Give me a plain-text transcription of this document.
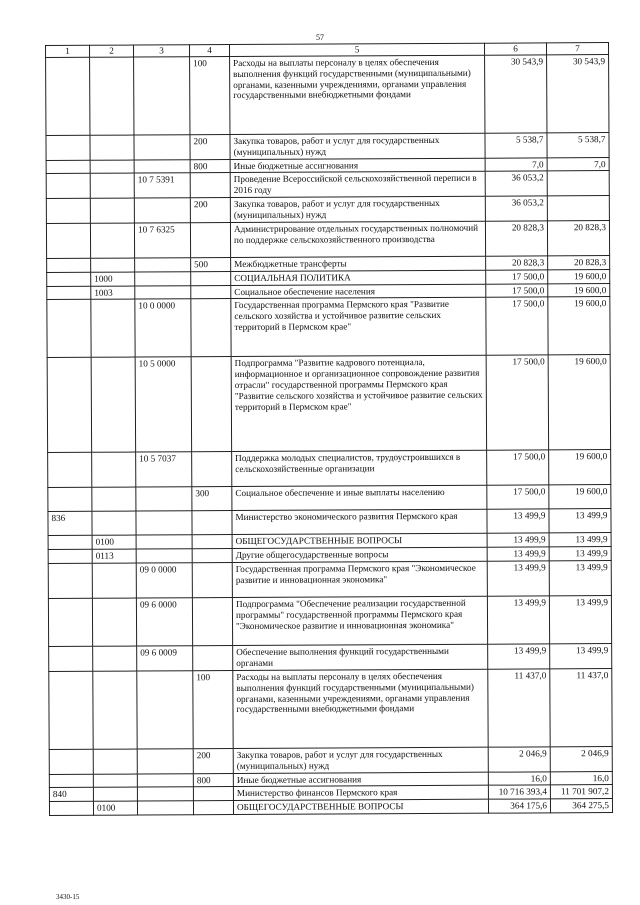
57
1	2	3	4	5	6	7
			100	Расходы на выплаты персоналу в целях обеспечения выполнения функций государственными (муниципальными) органами, казенными учреждениями, органами управления государственными внебюджетными фондами	30 543,9	30 543,9
			200	Закупка товаров, работ и услуг для государственных (муниципальных) нужд	5 538,7	5 538,7
			800	Иные бюджетные ассигнования	7,0	7,0
		10 7 5391		Проведение Всероссийской сельскохозяйственной переписи в 2016 году	36 053,2	
			200	Закупка товаров, работ и услуг для государственных (муниципальных) нужд	36 053,2	
		10 7 6325		Администрирование отдельных государственных полномочий по поддержке сельскохозяйственного производства	20 828,3	20 828,3
			500	Межбюджетные трансферты	20 828,3	20 828,3
	1000			СОЦИАЛЬНАЯ ПОЛИТИКА	17 500,0	19 600,0
	1003			Социальное обеспечение населения	17 500,0	19 600,0
		10 0 0000		Государственная программа Пермского края "Развитие сельского хозяйства и устойчивое развитие сельских территорий в Пермском крае"	17 500,0	19 600,0
		10 5 0000		Подпрограмма "Развитие кадрового потенциала, информационное и организационное сопровождение развития отрасли" государственной программы Пермского края "Развитие сельского хозяйства и устойчивое развитие сельских территорий в Пермском крае"	17 500,0	19 600,0
		10 5 7037		Поддержка молодых специалистов, трудоустроившихся в сельскохозяйственные организации	17 500,0	19 600,0
			300	Социальное обеспечение и иные выплаты населению	17 500,0	19 600,0
836				Министерство экономического развития Пермского края	13 499,9	13 499,9
	0100			ОБЩЕГОСУДАРСТВЕННЫЕ ВОПРОСЫ	13 499,9	13 499,9
	0113			Другие общегосударственные вопросы	13 499,9	13 499,9
		09 0 0000		Государственная программа Пермского края "Экономическое развитие и инновационная экономика"	13 499,9	13 499,9
		09 6 0000		Подпрограмма "Обеспечение реализации государственной программы" государственной программы Пермского края "Экономическое развитие и инновационная экономика"	13 499,9	13 499,9
		09 6 0009		Обеспечение выполнения функций государственными органами	13 499,9	13 499,9
			100	Расходы на выплаты персоналу в целях обеспечения выполнения функций государственными (муниципальными) органами, казенными учреждениями, органами управления государственными внебюджетными фондами	11 437,0	11 437,0
			200	Закупка товаров, работ и услуг для государственных (муниципальных) нужд	2 046,9	2 046,9
			800	Иные бюджетные ассигнования	16,0	16,0
840				Министерство финансов Пермского края	10 716 393,4	11 701 907,2
	0100			ОБЩЕГОСУДАРСТВЕННЫЕ ВОПРОСЫ	364 175,6	364 275,5
3430-15
